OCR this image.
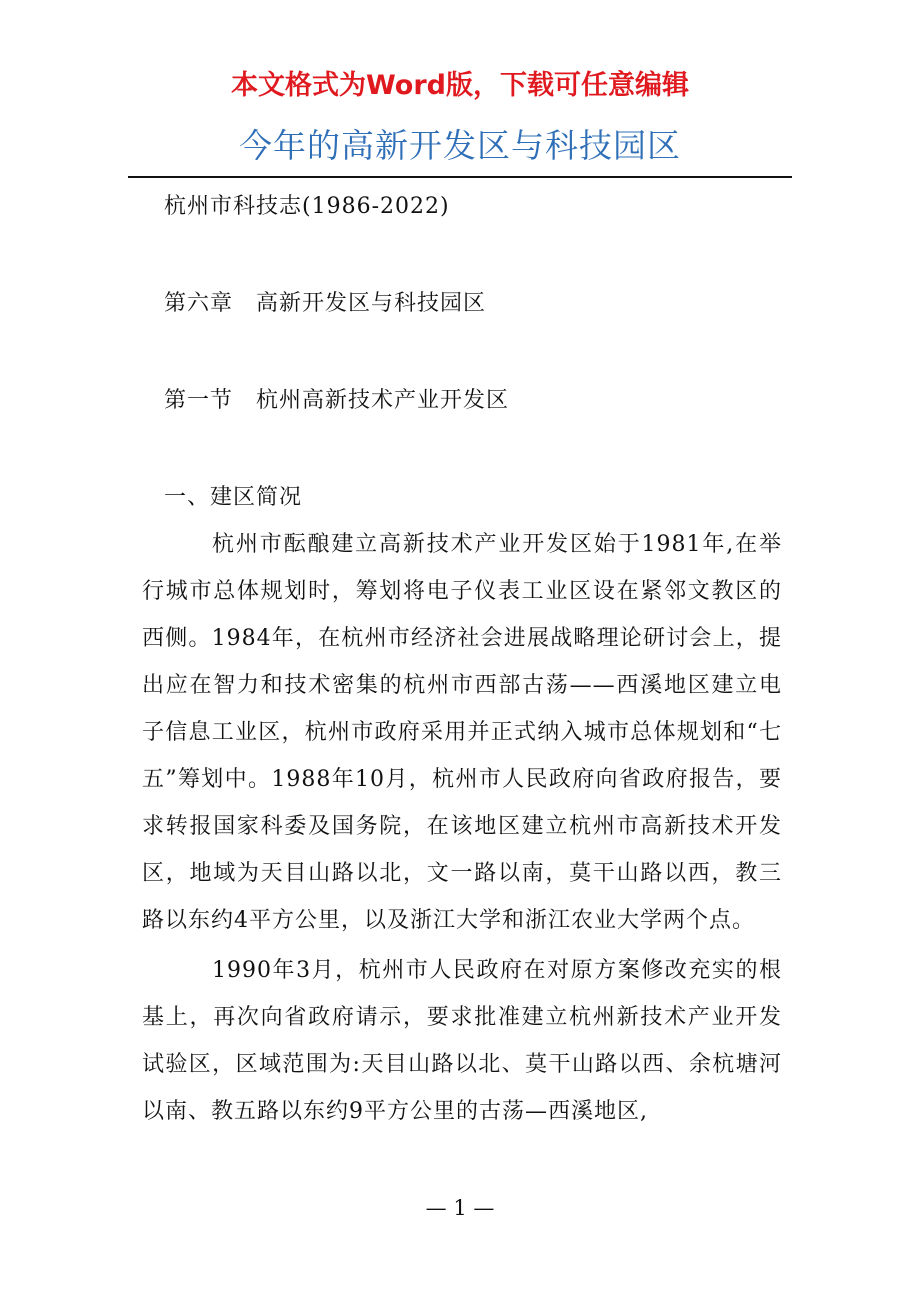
本文格式为Word版，下载可任意编辑
今年的高新开发区与科技园区

杭州市科技志(1986-2022)

第六章　高新开发区与科技园区

第一节　杭州高新技术产业开发区

一、建区简况

杭州市酝酿建立高新技术产业开发区始于1981年,在举行城市总体规划时，筹划将电子仪表工业区设在紧邻文教区的西侧。1984年，在杭州市经济社会进展战略理论研讨会上，提出应在智力和技术密集的杭州市西部古荡——西溪地区建立电子信息工业区，杭州市政府采用并正式纳入城市总体规划和“七五”筹划中。1988年10月，杭州市人民政府向省政府报告，要求转报国家科委及国务院，在该地区建立杭州市高新技术开发区，地域为天目山路以北，文一路以南，莫干山路以西，教三路以东约4平方公里，以及浙江大学和浙江农业大学两个点。

1990年3月，杭州市人民政府在对原方案修改充实的根基上，再次向省政府请示，要求批准建立杭州新技术产业开发试验区，区域范围为:天目山路以北、莫干山路以西、余杭塘河以南、教五路以东约9平方公里的古荡—西溪地区,

— 1 —
